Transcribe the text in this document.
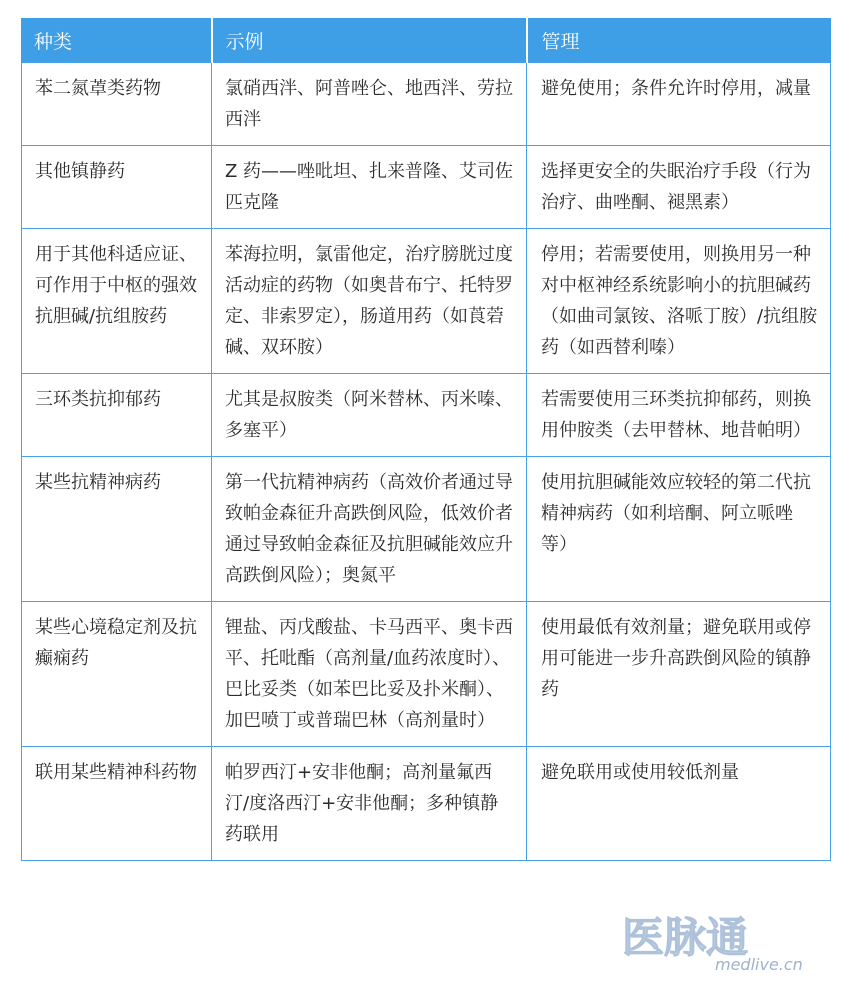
种类	示例	管理
苯二氮䓬类药物	氯硝西泮、阿普唑仑、地西泮、劳拉西泮	避免使用；条件允许时停用，减量
其他镇静药	Z 药——唑吡坦、扎来普隆、艾司佐匹克隆	选择更安全的失眠治疗手段（行为治疗、曲唑酮、褪黑素）
用于其他科适应证、可作用于中枢的强效抗胆碱/抗组胺药	苯海拉明，氯雷他定，治疗膀胱过度活动症的药物（如奥昔布宁、托特罗定、非索罗定），肠道用药（如莨菪碱、双环胺）	停用；若需要使用，则换用另一种对中枢神经系统影响小的抗胆碱药（如曲司氯铵、洛哌丁胺）/抗组胺药（如西替利嗪）
三环类抗抑郁药	尤其是叔胺类（阿米替林、丙米嗪、多塞平）	若需要使用三环类抗抑郁药，则换用仲胺类（去甲替林、地昔帕明）
某些抗精神病药	第一代抗精神病药（高效价者通过导致帕金森征升高跌倒风险，低效价者通过导致帕金森征及抗胆碱能效应升高跌倒风险）；奥氮平	使用抗胆碱能效应较轻的第二代抗精神病药（如利培酮、阿立哌唑等）
某些心境稳定剂及抗癫痫药	锂盐、丙戊酸盐、卡马西平、奥卡西平、托吡酯（高剂量/血药浓度时）、巴比妥类（如苯巴比妥及扑米酮）、加巴喷丁或普瑞巴林（高剂量时）	使用最低有效剂量；避免联用或停用可能进一步升高跌倒风险的镇静药
联用某些精神科药物	帕罗西汀+安非他酮；高剂量氟西汀/度洛西汀+安非他酮；多种镇静药联用	避免联用或使用较低剂量
医脉通
medlive.cn
